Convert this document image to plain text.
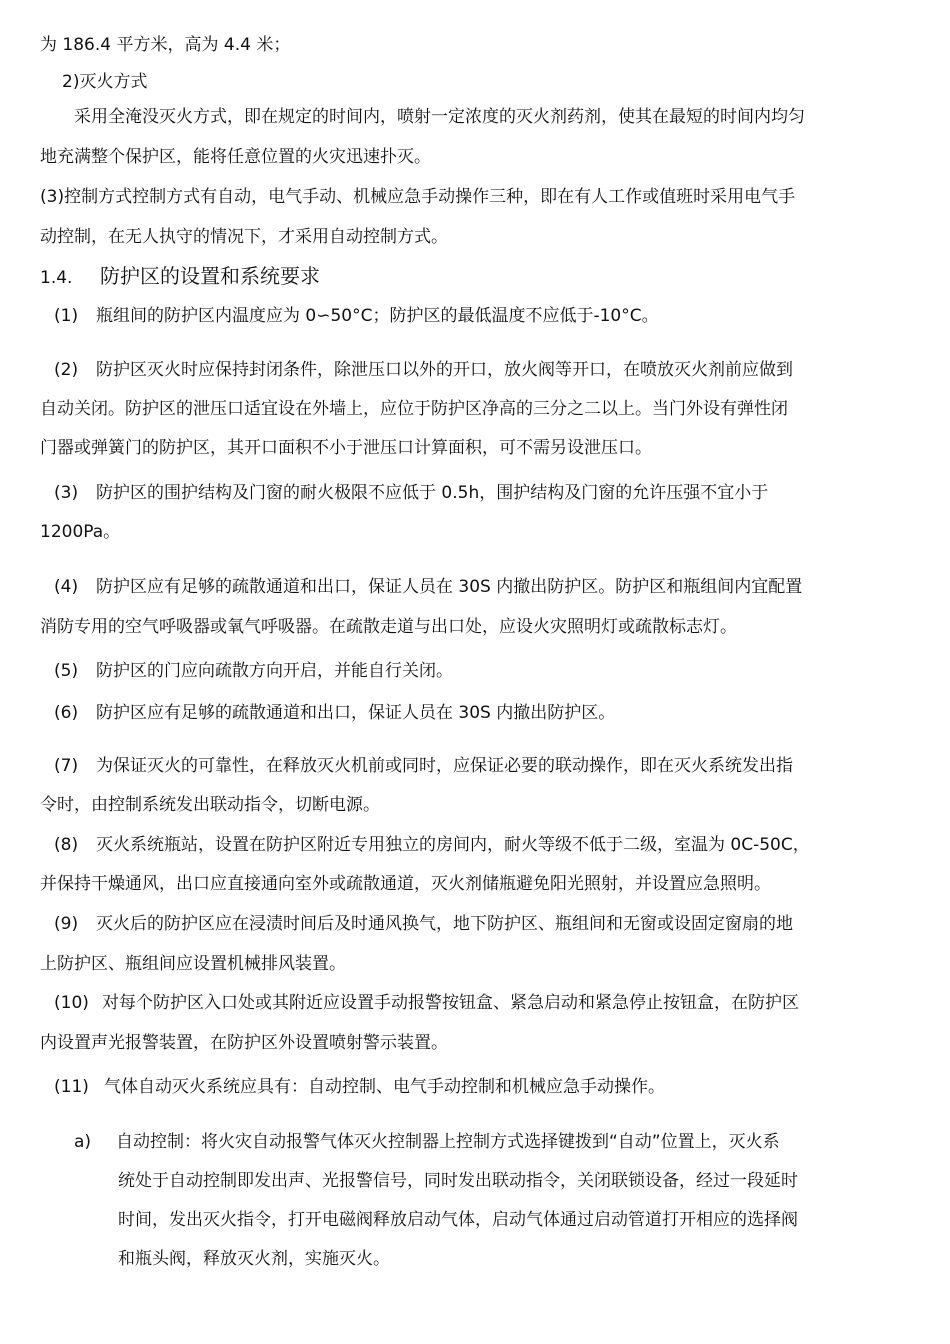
为 186.4 平方米，高为 4.4 米；
2)灭火方式
采用全淹没灭火方式，即在规定的时间内，喷射一定浓度的灭火剂药剂，使其在最短的时间内均匀
地充满整个保护区，能将任意位置的火灾迅速扑灭。
(3)控制方式控制方式有自动，电气手动、机械应急手动操作三种，即在有人工作或值班时采用电气手
动控制，在无人执守的情况下，才采用自动控制方式。
1.4. 防护区的设置和系统要求
(1) 瓶组间的防护区内温度应为 0∽50°C；防护区的最低温度不应低于-10°C。
(2) 防护区灭火时应保持封闭条件，除泄压口以外的开口，放火阀等开口，在喷放灭火剂前应做到
自动关闭。防护区的泄压口适宜设在外墙上，应位于防护区净高的三分之二以上。当门外设有弹性闭
门器或弹簧门的防护区，其开口面积不小于泄压口计算面积，可不需另设泄压口。
(3) 防护区的围护结构及门窗的耐火极限不应低于 0.5h，围护结构及门窗的允许压强不宜小于
1200Pa。
(4) 防护区应有足够的疏散通道和出口，保证人员在 30S 内撤出防护区。防护区和瓶组间内宜配置
消防专用的空气呼吸器或氧气呼吸器。在疏散走道与出口处，应设火灾照明灯或疏散标志灯。
(5) 防护区的门应向疏散方向开启，并能自行关闭。
(6) 防护区应有足够的疏散通道和出口，保证人员在 30S 内撤出防护区。
(7) 为保证灭火的可靠性，在释放灭火机前或同时，应保证必要的联动操作，即在灭火系统发出指
令时，由控制系统发出联动指令，切断电源。
(8) 灭火系统瓶站，设置在防护区附近专用独立的房间内，耐火等级不低于二级，室温为 0C-50C，
并保持干燥通风，出口应直接通向室外或疏散通道，灭火剂储瓶避免阳光照射，并设置应急照明。
(9) 灭火后的防护区应在浸渍时间后及时通风换气，地下防护区、瓶组间和无窗或设固定窗扇的地
上防护区、瓶组间应设置机械排风装置。
(10) 对每个防护区入口处或其附近应设置手动报警按钮盒、紧急启动和紧急停止按钮盒，在防护区
内设置声光报警装置，在防护区外设置喷射警示装置。
(11) 气体自动灭火系统应具有：自动控制、电气手动控制和机械应急手动操作。
a) 自动控制：将火灾自动报警气体灭火控制器上控制方式选择键拨到“自动”位置上，灭火系
统处于自动控制即发出声、光报警信号，同时发出联动指令，关闭联锁设备，经过一段延时
时间，发出灭火指令，打开电磁阀释放启动气体，启动气体通过启动管道打开相应的选择阀
和瓶头阀，释放灭火剂，实施灭火。
